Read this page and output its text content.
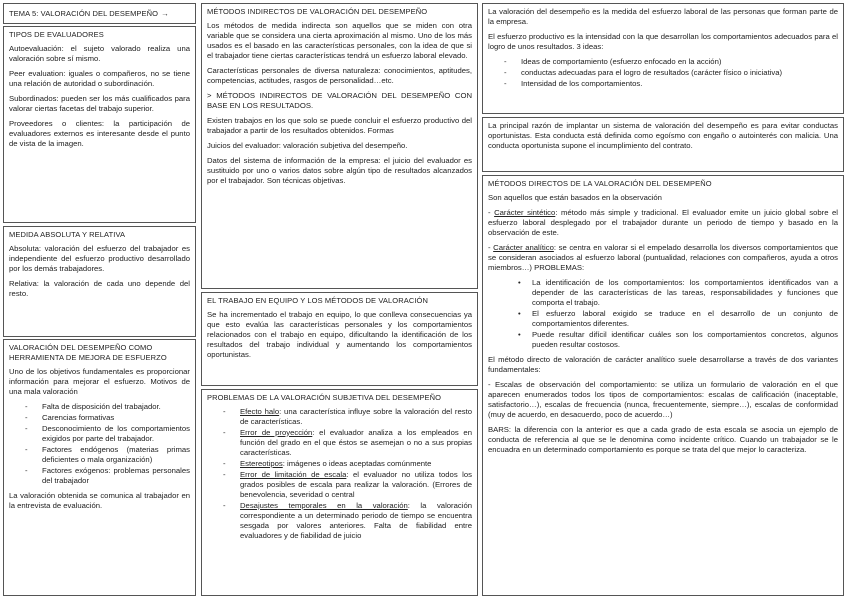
TEMA 5: VALORACIÓN DEL DESEMPEÑO →
TIPOS DE EVALUADORES

Autoevaluación: el sujeto valorado realiza una valoración sobre sí mismo.

Peer evaluation: iguales o compañeros, no se tiene una relación de autoridad o subordinación.

Subordinados: pueden ser los más cualificados para valorar ciertas facetas del trabajo superior.

Proveedores o clientes: la participación de evaluadores externos es interesante desde el punto de vista de la imagen.

MEDIDA ABSOLUTA Y RELATIVA

Absoluta: valoración del esfuerzo del trabajador es independiente del esfuerzo productivo desarrollado por los demás trabajadores.

Relativa: la valoración de cada uno depende del resto.

VALORACIÓN DEL DESEMPEÑO COMO HERRAMIENTA DE MEJORA DE ESFUERZO

Uno de los objetivos fundamentales es proporcionar información para mejorar el esfuerzo. Motivos de una mala valoración

- Falta de disposición del trabajador.
- Carencias formativas
- Desconocimiento de los comportamientos exigidos por parte del trabajador.
- Factores endógenos (materias primas deficientes o mala organización)
- Factores exógenos: problemas personales del trabajador

La valoración obtenida se comunica al trabajador en la entrevista de evaluación.

MÉTODOS INDIRECTOS DE VALORACIÓN DEL DESEMPEÑO

Los métodos de medida indirecta son aquellos que se miden con otra variable que se considera una cierta aproximación al mismo. Uno de los más usados es el basado en las características personales, con la idea de que si el trabajador tiene ciertas características tendrá un esfuerzo laboral elevado.

Características personales de diversa naturaleza: conocimientos, aptitudes, competencias, actitudes, rasgos de personalidad…etc.

> MÉTODOS INDIRECTOS DE VALORACIÓN DEL DESEMPEÑO CON BASE EN LOS RESULTADOS.

Existen trabajos en los que solo se puede concluir el esfuerzo productivo del trabajador a partir de los resultados obtenidos. Formas

Juicios del evaluador: valoración subjetiva del desempeño.

Datos del sistema de información de la empresa: el juicio del evaluador es sustituido por uno o varios datos sobre algún tipo de resultados alcanzados por el trabajador. Son técnicas objetivas.

EL TRABAJO EN EQUIPO Y LOS MÉTODOS DE VALORACIÓN

Se ha incrementado el trabajo en equipo, lo que conlleva consecuencias ya que esto evalúa las características personales y los comportamientos relacionados con el trabajo en equipo, dificultando la identificación de los resultados del trabajo individual y aumentando los comportamientos oportunistas.

PROBLEMAS DE LA VALORACIÓN SUBJETIVA DEL DESEMPEÑO
- Efecto halo: una característica influye sobre la valoración del resto de características.
- Error de proyección: el evaluador analiza a los empleados en función del grado en el que éstos se asemejan o no a sus propias características.
- Estereotipos: imágenes o ideas aceptadas comúnmente
- Error de limitación de escala: el evaluador no utiliza todos los grados posibles de escala para realizar la valoración. (Errores de benevolencia, severidad o central
- Desajustes temporales en la valoración: la valoración correspondiente a un determinado periodo de tiempo se encuentra sesgada por valores anteriores. Falta de fiabilidad entre evaluadores y de fiabilidad de juicio

La valoración del desempeño es la medida del esfuerzo laboral de las personas que forman parte de la empresa.

El esfuerzo productivo es la intensidad con la que desarrollan los comportamientos adecuados para el logro de unos resultados. 3 ideas:

- Ideas de comportamiento (esfuerzo enfocado en la acción)
- conductas adecuadas para el logro de resultados (carácter físico o iniciativa)
- Intensidad de los comportamientos.

La principal razón de implantar un sistema de valoración del desempeño es para evitar conductas oportunistas. Esta conducta está definida como egoísmo con engaño o autointerés con malicia. Una conducta oportunista supone el incumplimiento del contrato.

MÉTODOS DIRECTOS DE LA VALORACIÓN DEL DESEMPEÑO

Son aquellos que están basados en la observación

- Carácter sintético: método más simple y tradicional. El evaluador emite un juicio global sobre el esfuerzo laboral desplegado por el trabajador durante un periodo de tiempo y basado en la observación de este.

- Carácter analítico: se centra en valorar si el empelado desarrolla los diversos comportamientos que se consideran asociados al esfuerzo laboral (puntualidad, relaciones con compañeros, ayuda a otros miembros…) PROBLEMAS:

• La identificación de los comportamientos: los comportamientos identificados van a depender de las características de las tareas, responsabilidades y funciones que comporta el trabajo.
• El esfuerzo laboral exigido se traduce en el desarrollo de un conjunto de comportamientos diferentes.
• Puede resultar difícil identificar cuáles son los comportamientos concretos, algunos pueden resultar costosos.

El método directo de valoración de carácter analítico suele desarrollarse a través de dos variantes fundamentales:

- Escalas de observación del comportamiento: se utiliza un formulario de valoración en el que aparecen enumerados todos los tipos de comportamientos: escalas de calificación (inaceptable, satisfactorio…), escalas de frecuencia (nunca, frecuentemente, siempre…), escalas de conformidad (muy de acuerdo, en desacuerdo, poco de acuerdo…)

BARS: la diferencia con la anterior es que a cada grado de esta escala se asocia un ejemplo de conducta de referencia al que se le denomina como incidente crítico. Cuando un trabajador se le encuadra en un determinado comportamiento es porque se trata del que mejor lo caracteriza.
